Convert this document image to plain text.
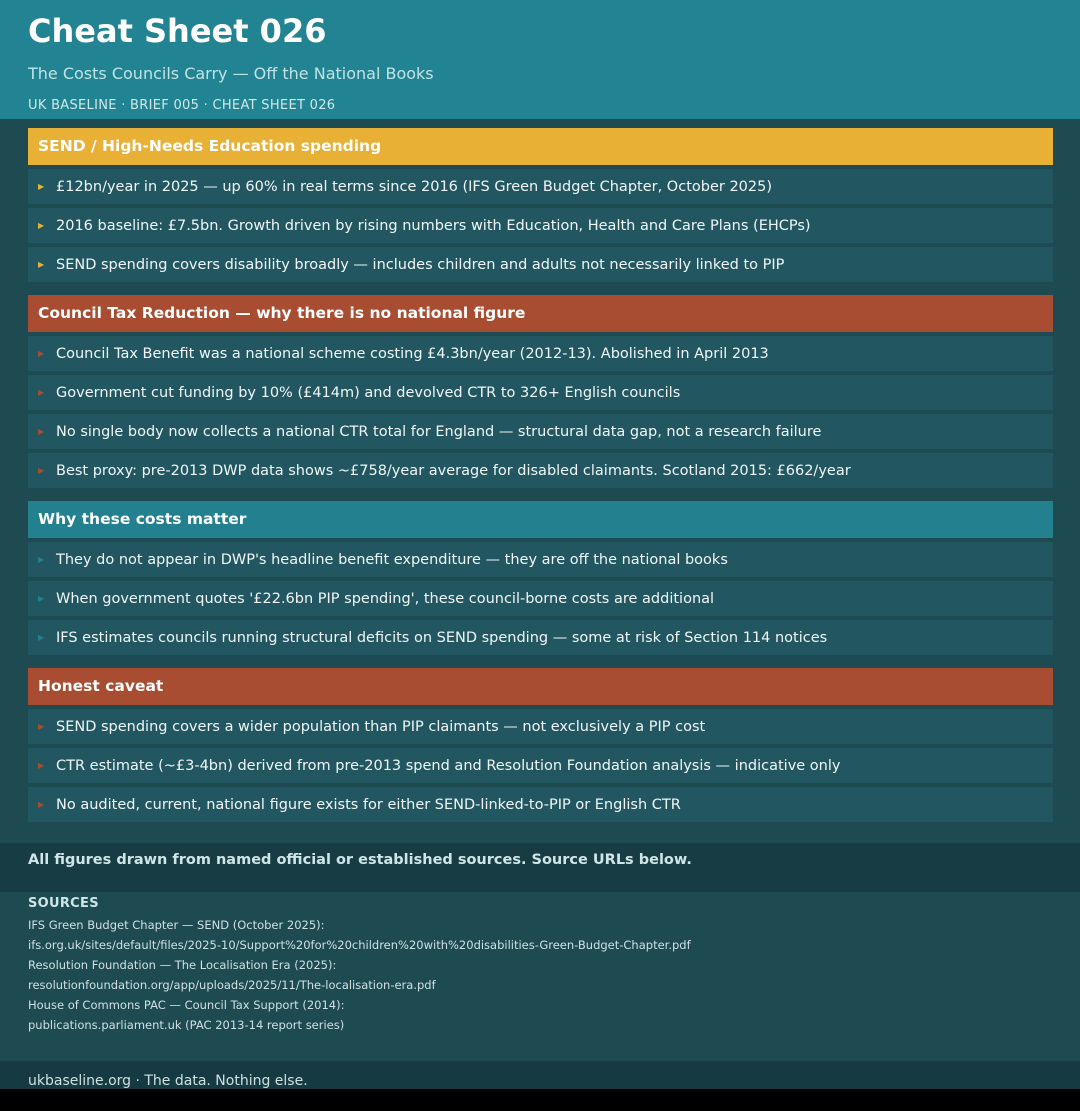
Cheat Sheet 026
The Costs Councils Carry — Off the National Books
UK BASELINE · BRIEF 005 · CHEAT SHEET 026
SEND / High-Needs Education spending
▶ £12bn/year in 2025 — up 60% in real terms since 2016 (IFS Green Budget Chapter, October 2025)
▶ 2016 baseline: £7.5bn. Growth driven by rising numbers with Education, Health and Care Plans (EHCPs)
▶ SEND spending covers disability broadly — includes children and adults not necessarily linked to PIP
Council Tax Reduction — why there is no national figure
▶ Council Tax Benefit was a national scheme costing £4.3bn/year (2012-13). Abolished in April 2013
▶ Government cut funding by 10% (£414m) and devolved CTR to 326+ English councils
▶ No single body now collects a national CTR total for England — structural data gap, not a research failure
▶ Best proxy: pre-2013 DWP data shows ~£758/year average for disabled claimants. Scotland 2015: £662/year
Why these costs matter
▶ They do not appear in DWP's headline benefit expenditure — they are off the national books
▶ When government quotes '£22.6bn PIP spending', these council-borne costs are additional
▶ IFS estimates councils running structural deficits on SEND spending — some at risk of Section 114 notices
Honest caveat
▶ SEND spending covers a wider population than PIP claimants — not exclusively a PIP cost
▶ CTR estimate (~£3-4bn) derived from pre-2013 spend and Resolution Foundation analysis — indicative only
▶ No audited, current, national figure exists for either SEND-linked-to-PIP or English CTR
All figures drawn from named official or established sources. Source URLs below.
SOURCES
IFS Green Budget Chapter — SEND (October 2025):
ifs.org.uk/sites/default/files/2025-10/Support%20for%20children%20with%20disabilities-Green-Budget-Chapter.pdf
Resolution Foundation — The Localisation Era (2025):
resolutionfoundation.org/app/uploads/2025/11/The-localisation-era.pdf
House of Commons PAC — Council Tax Support (2014):
publications.parliament.uk (PAC 2013-14 report series)
ukbaseline.org · The data. Nothing else.
